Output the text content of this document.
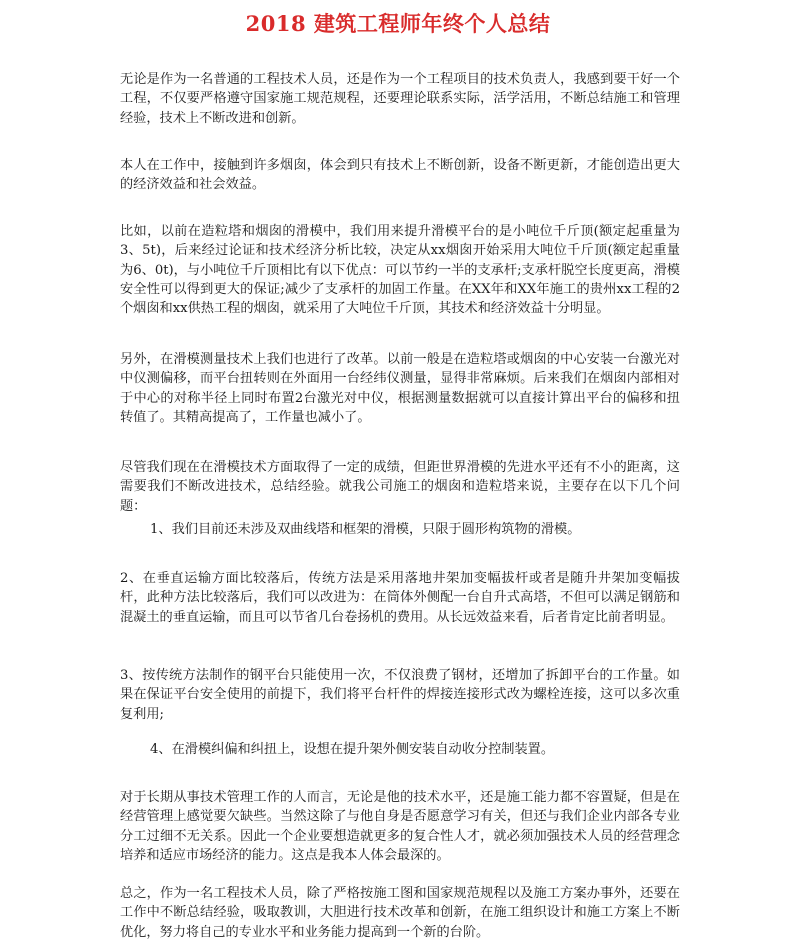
2018 建筑工程师年终个人总结

无论是作为一名普通的工程技术人员，还是作为一个工程项目的技术负责人，我感到要干好一个工程，不仅要严格遵守国家施工规范规程，还要理论联系实际，活学活用，不断总结施工和管理经验，技术上不断改进和创新。

本人在工作中，接触到许多烟囱，体会到只有技术上不断创新，设备不断更新，才能创造出更大的经济效益和社会效益。

比如，以前在造粒塔和烟囱的滑模中，我们用来提升滑模平台的是小吨位千斤顶(额定起重量为3、5t)，后来经过论证和技术经济分析比较，决定从xx烟囱开始采用大吨位千斤顶(额定起重量为6、0t)，与小吨位千斤顶相比有以下优点：可以节约一半的支承杆;支承杆脱空长度更高，滑模安全性可以得到更大的保证;减少了支承杆的加固工作量。在XX年和XX年施工的贵州xx工程的2个烟囱和xx供热工程的烟囱，就采用了大吨位千斤顶，其技术和经济效益十分明显。

另外，在滑模测量技术上我们也进行了改革。以前一般是在造粒塔或烟囱的中心安装一台激光对中仪测偏移，而平台扭转则在外面用一台经纬仪测量，显得非常麻烦。后来我们在烟囱内部相对于中心的对称半径上同时布置2台激光对中仪，根据测量数据就可以直接计算出平台的偏移和扭转值了。其精高提高了，工作量也减小了。

尽管我们现在在滑模技术方面取得了一定的成绩，但距世界滑模的先进水平还有不小的距离，这需要我们不断改进技术，总结经验。就我公司施工的烟囱和造粒塔来说，主要存在以下几个问题：

1、我们目前还未涉及双曲线塔和框架的滑模，只限于圆形构筑物的滑模。

2、在垂直运输方面比较落后，传统方法是采用落地井架加变幅拔杆或者是随升井架加变幅拔杆，此种方法比较落后，我们可以改进为：在筒体外侧配一台自升式高塔，不但可以满足钢筋和混凝土的垂直运输，而且可以节省几台卷扬机的费用。从长远效益来看，后者肯定比前者明显。

3、按传统方法制作的钢平台只能使用一次，不仅浪费了钢材，还增加了拆卸平台的工作量。如果在保证平台安全使用的前提下，我们将平台杆件的焊接连接形式改为螺栓连接，这可以多次重复利用;

4、在滑模纠偏和纠扭上，设想在提升架外侧安装自动收分控制装置。

对于长期从事技术管理工作的人而言，无论是他的技术水平，还是施工能力都不容置疑，但是在经营管理上感觉要欠缺些。当然这除了与他自身是否愿意学习有关，但还与我们企业内部各专业分工过细不无关系。因此一个企业要想造就更多的复合性人才，就必须加强技术人员的经营理念培养和适应市场经济的能力。这点是我本人体会最深的。

总之，作为一名工程技术人员，除了严格按施工图和国家规范规程以及施工方案办事外，还要在工作中不断总结经验，吸取教训，大胆进行技术改革和创新，在施工组织设计和施工方案上不断优化，努力将自己的专业水平和业务能力提高到一个新的台阶。
